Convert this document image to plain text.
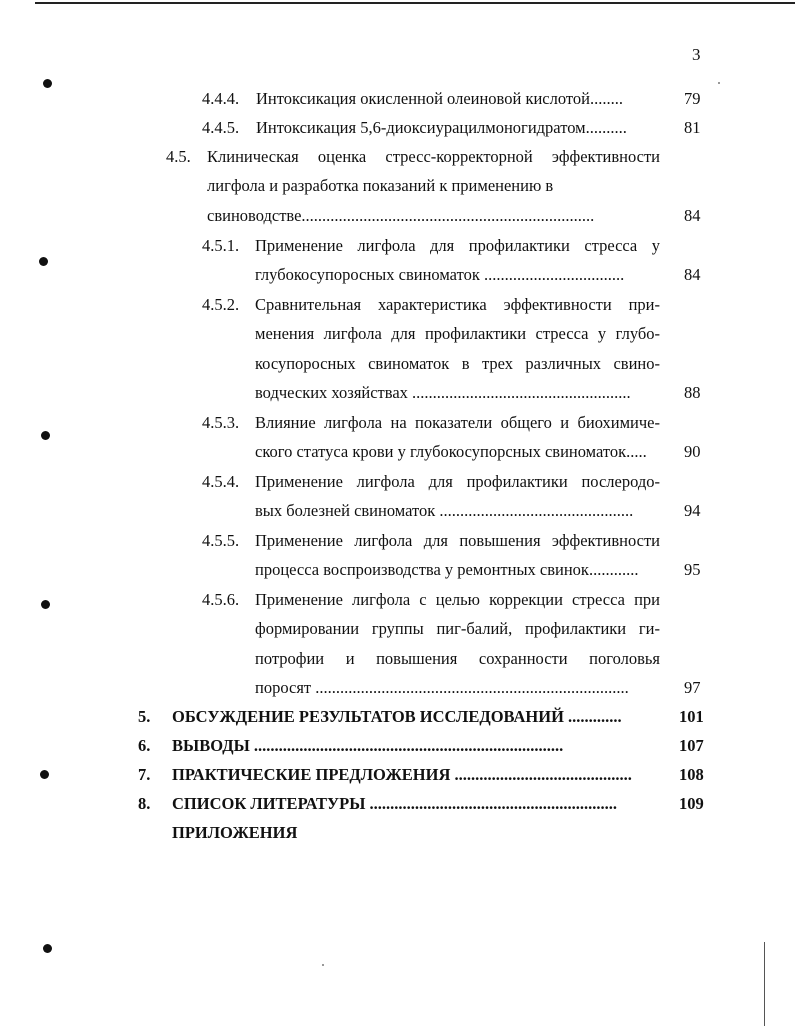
3
4.4.4. Интоксикация окисленной олеиновой кислотой........	79
4.4.5. Интоксикация 5,6-диоксиурацилмоногидратом..........	81
4.5. Клиническая оценка стресс-корректорной эффективности
лигфола и разработка показаний к применению в
свиноводстве.......................................................................	84
4.5.1. Применение лигфола для профилактики стресса у
глубокосупоросных свиноматок ..................................	84
4.5.2. Сравнительная характеристика эффективности при-
менения лигфола для профилактики стресса у глубо-
косупоросных свиноматок в трех различных свино-
водческих хозяйствах .....................................................	88
4.5.3. Влияние лигфола на показатели общего и биохимиче-
ского статуса крови у глубокосупорсных свиноматок..... 90
4.5.4. Применение лигфола для профилактики послеродо-
вых болезней свиноматок ...............................................	94
4.5.5. Применение лигфола для повышения эффективности
процесса воспроизводства у ремонтных свинок............	95
4.5.6. Применение лигфола с целью коррекции стресса при
формировании группы пиг-балий, профилактики ги-
потрофии и повышения сохранности поголовья
поросят ............................................................................	97
5. ОБСУЖДЕНИЕ РЕЗУЛЬТАТОВ ИССЛЕДОВАНИЙ .............	101
6. ВЫВОДЫ ...........................................................................	107
7. ПРАКТИЧЕСКИЕ ПРЕДЛОЖЕНИЯ ...........................................	108
8. СПИСОК ЛИТЕРАТУРЫ ............................................................	109
ПРИЛОЖЕНИЯ
